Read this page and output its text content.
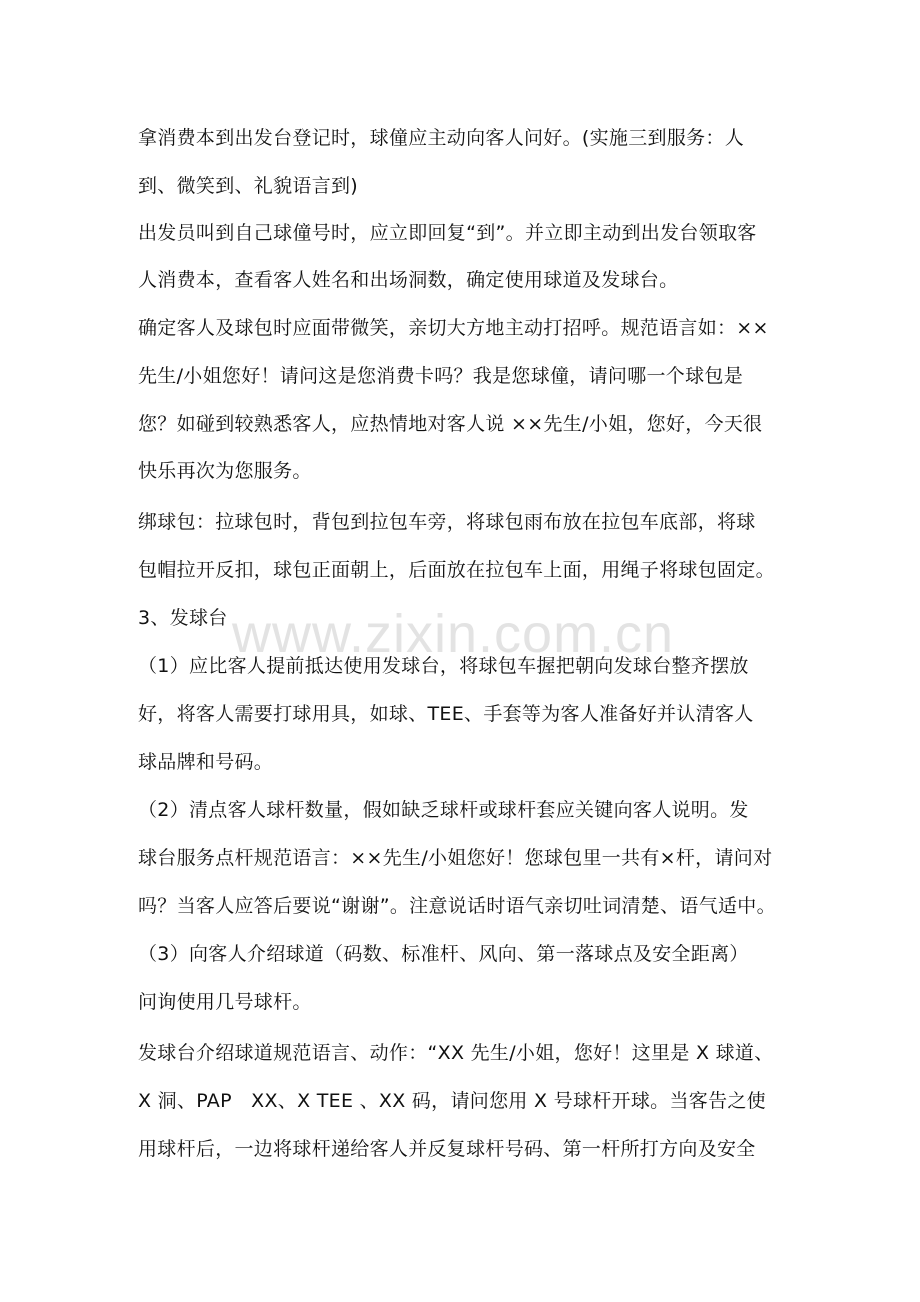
www.zixin.com.cn
拿消费本到出发台登记时，球僮应主动向客人问好。(实施三到服务：人
到、微笑到、礼貌语言到)
出发员叫到自己球僮号时，应立即回复“到”。并立即主动到出发台领取客
人消费本，查看客人姓名和出场洞数，确定使用球道及发球台。
确定客人及球包时应面带微笑，亲切大方地主动打招呼。规范语言如：××
先生/小姐您好！请问这是您消费卡吗？我是您球僮，请问哪一个球包是
您？如碰到较熟悉客人，应热情地对客人说 ××先生/小姐，您好，今天很
快乐再次为您服务。
绑球包：拉球包时，背包到拉包车旁，将球包雨布放在拉包车底部，将球
包帽拉开反扣，球包正面朝上，后面放在拉包车上面，用绳子将球包固定。
3、发球台
（1）应比客人提前抵达使用发球台，将球包车握把朝向发球台整齐摆放
好，将客人需要打球用具，如球、TEE、手套等为客人准备好并认清客人
球品牌和号码。
（2）清点客人球杆数量，假如缺乏球杆或球杆套应关键向客人说明。发
球台服务点杆规范语言：××先生/小姐您好！您球包里一共有×杆，请问对
吗？当客人应答后要说“谢谢”。注意说话时语气亲切吐词清楚、语气适中。
（3）向客人介绍球道（码数、标准杆、风向、第一落球点及安全距离）
问询使用几号球杆。
发球台介绍球道规范语言、动作：“XX 先生/小姐，您好！这里是 X 球道、
X 洞、PAP　XX、X TEE 、XX 码，请问您用 X 号球杆开球。当客告之使
用球杆后，一边将球杆递给客人并反复球杆号码、第一杆所打方向及安全
